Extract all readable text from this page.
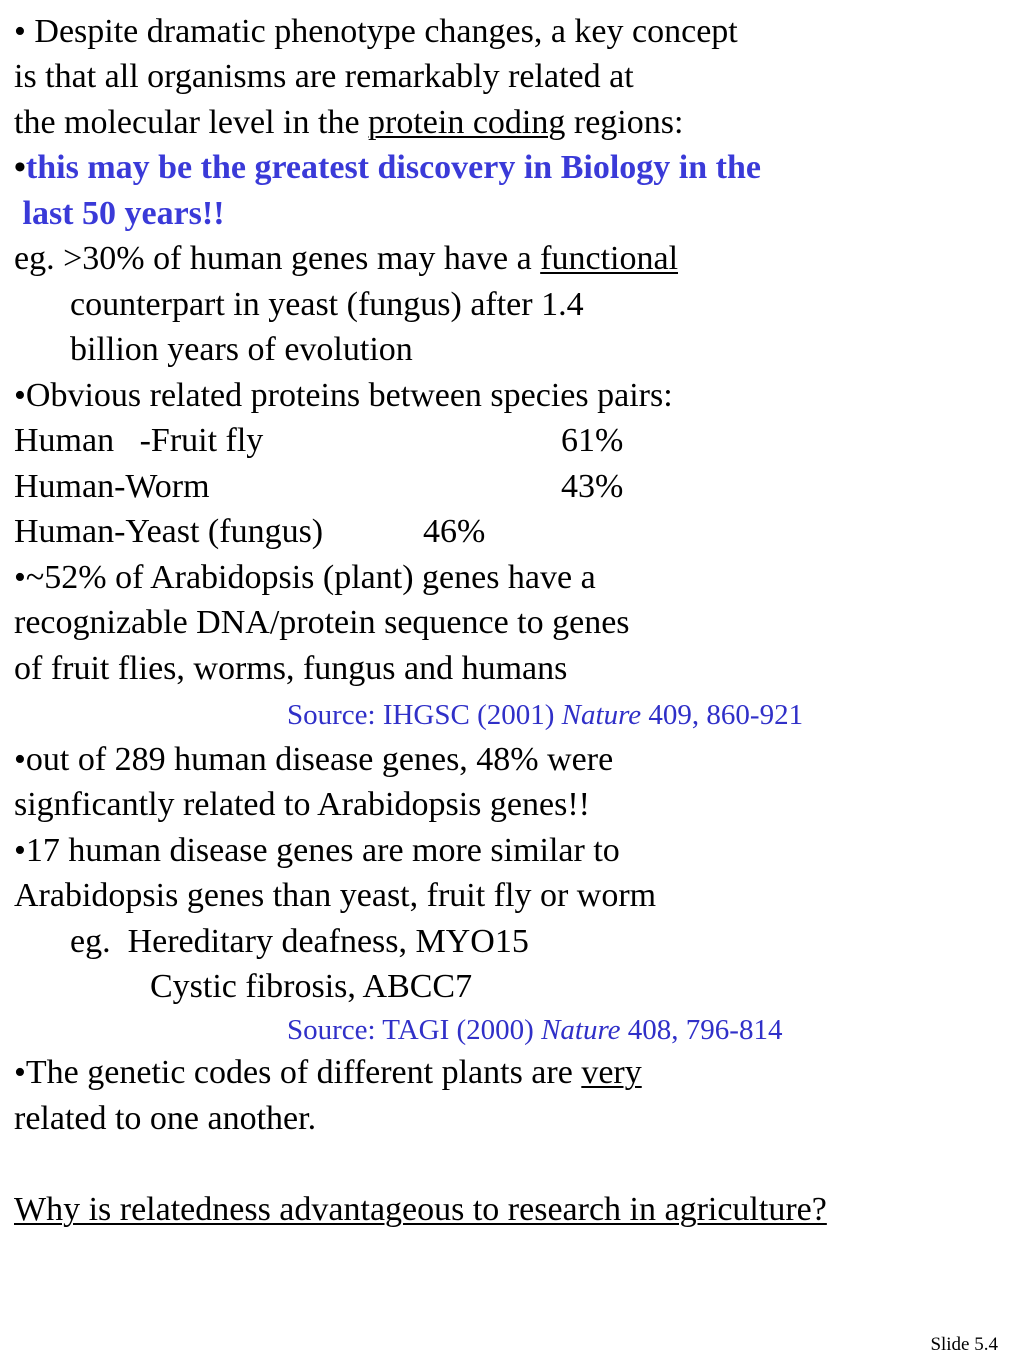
• Despite dramatic phenotype changes, a key concept
is that all organisms are remarkably related at
the molecular level in the protein coding regions:
•this may be the greatest discovery in Biology in the
last 50 years!!
eg. >30% of human genes may have a functional
counterpart in yeast (fungus) after 1.4
billion years of evolution
•Obvious related proteins between species pairs:
Human   -Fruit fly	61%
Human-Worm	43%
Human-Yeast (fungus)	46%
•~52% of Arabidopsis (plant) genes have a
recognizable DNA/protein sequence to genes
of fruit flies, worms, fungus and humans
Source: IHGSC (2001) Nature 409, 860-921
•out of 289 human disease genes, 48% were
signficantly related to Arabidopsis genes!!
•17 human disease genes are more similar to
Arabidopsis genes than yeast, fruit fly or worm
eg.  Hereditary deafness, MYO15
Cystic fibrosis, ABCC7
Source: TAGI (2000) Nature 408, 796-814
•The genetic codes of different plants are very
related to one another.
Why is relatedness advantageous to research in agriculture?
Slide 5.4
